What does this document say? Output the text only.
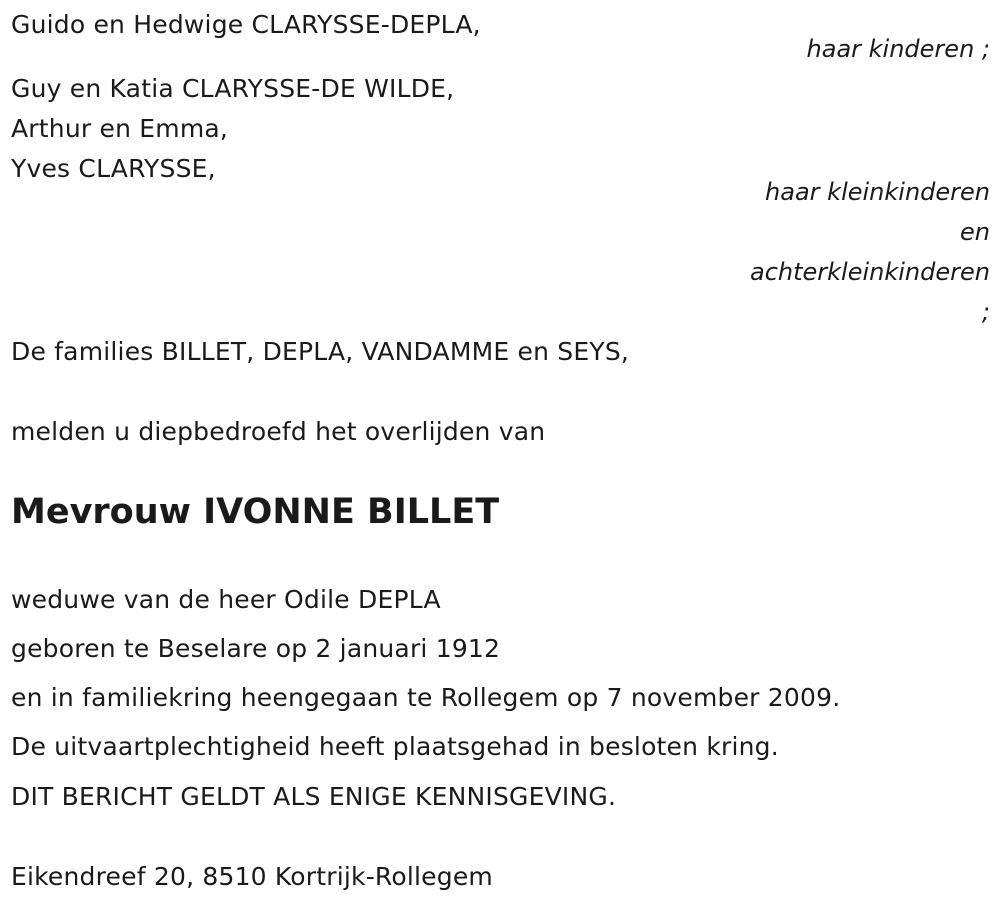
Guido en Hedwige CLARYSSE-DEPLA,
haar kinderen ;
Guy en Katia CLARYSSE-DE WILDE,
Arthur en Emma,
Yves CLARYSSE,
haar kleinkinderen
en
achterkleinkinderen
;
De families BILLET, DEPLA, VANDAMME en SEYS,
melden u diepbedroefd het overlijden van
Mevrouw IVONNE BILLET
weduwe van de heer Odile DEPLA
geboren te Beselare op 2 januari 1912
en in familiekring heengegaan te Rollegem op 7 november 2009.
De uitvaartplechtigheid heeft plaatsgehad in besloten kring.
DIT BERICHT GELDT ALS ENIGE KENNISGEVING.
Eikendreef 20, 8510 Kortrijk-Rollegem
